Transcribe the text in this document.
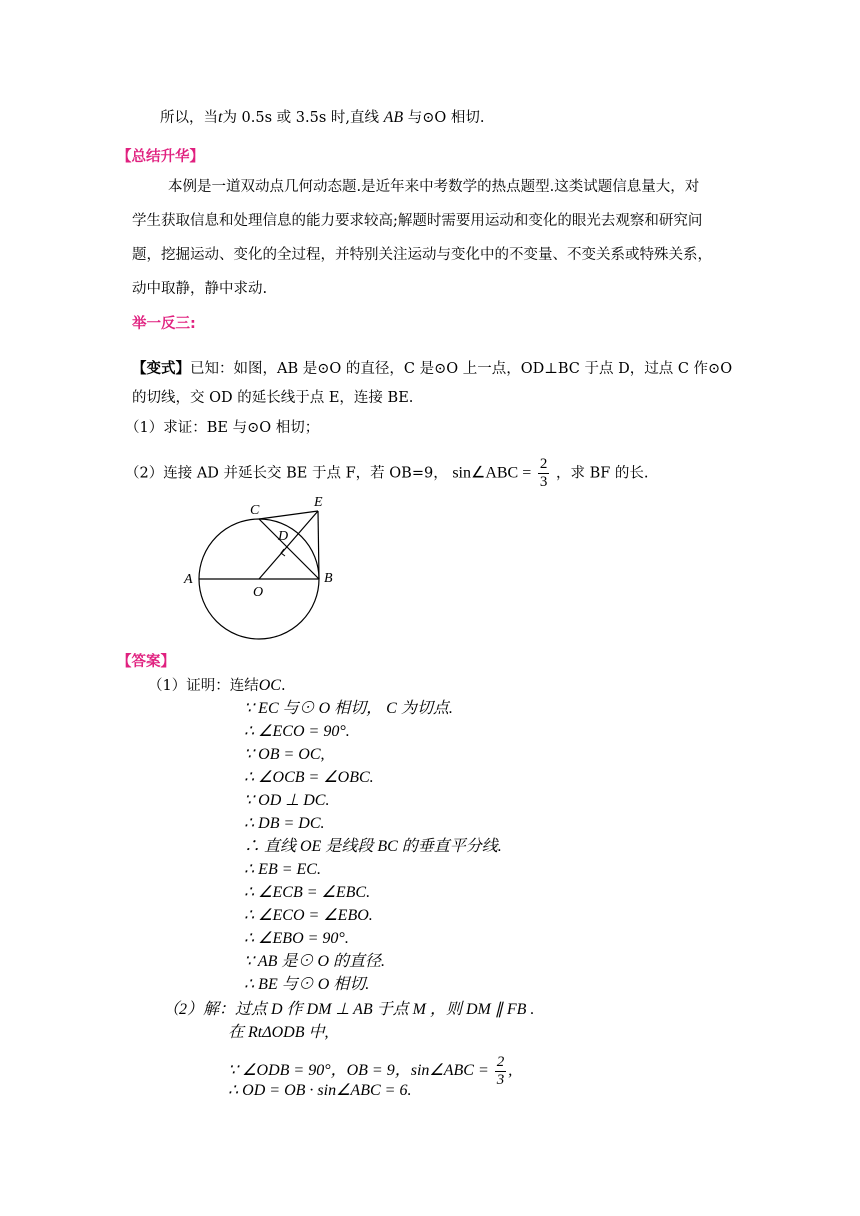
所以，当t为 0.5s 或 3.5s 时,直线 AB 与⊙O 相切.
【总结升华】
本例是一道双动点几何动态题.是近年来中考数学的热点题型.这类试题信息量大，对
学生获取信息和处理信息的能力要求较高;解题时需要用运动和变化的眼光去观察和研究问
题，挖掘运动、变化的全过程，并特别关注运动与变化中的不变量、不变关系或特殊关系，
动中取静，静中求动.
举一反三:
【变式】已知：如图，AB 是⊙O 的直径，C 是⊙O 上一点，OD⊥BC 于点 D，过点 C 作⊙O
的切线，交 OD 的延长线于点 E，连接 BE.
（1）求证：BE 与⊙O 相切；
（2）连接 AD 并延长交 BE 于点 F，若 OB=9， sin∠ABC = $\frac{2}{3}$ ，求 BF 的长.
C
E
D
A
O
B
【答案】
（1）证明：连结OC.
∵ EC 与⊙ O 相切， C 为切点.
∴ ∠ECO = 90°.
∵ OB = OC,
∴ ∠OCB = ∠OBC.
∵ OD ⊥ DC.
∴ DB = DC.
∴ 直线 OE 是线段 BC 的垂直平分线.
∴ EB = EC.
∴ ∠ECB = ∠EBC.
∴ ∠ECO = ∠EBO.
∴ ∠EBO = 90°.
∵ AB 是⊙ O 的直径.
∴ BE 与⊙ O 相切.
（2）解：过点 D 作 DM ⊥ AB 于点 M ，则 DM ∥ FB .
在 RtΔODB 中,
∵ ∠ODB = 90°，OB = 9，sin∠ABC = $\frac{2}{3}$ ,
∴ OD = OB · sin∠ABC = 6.
